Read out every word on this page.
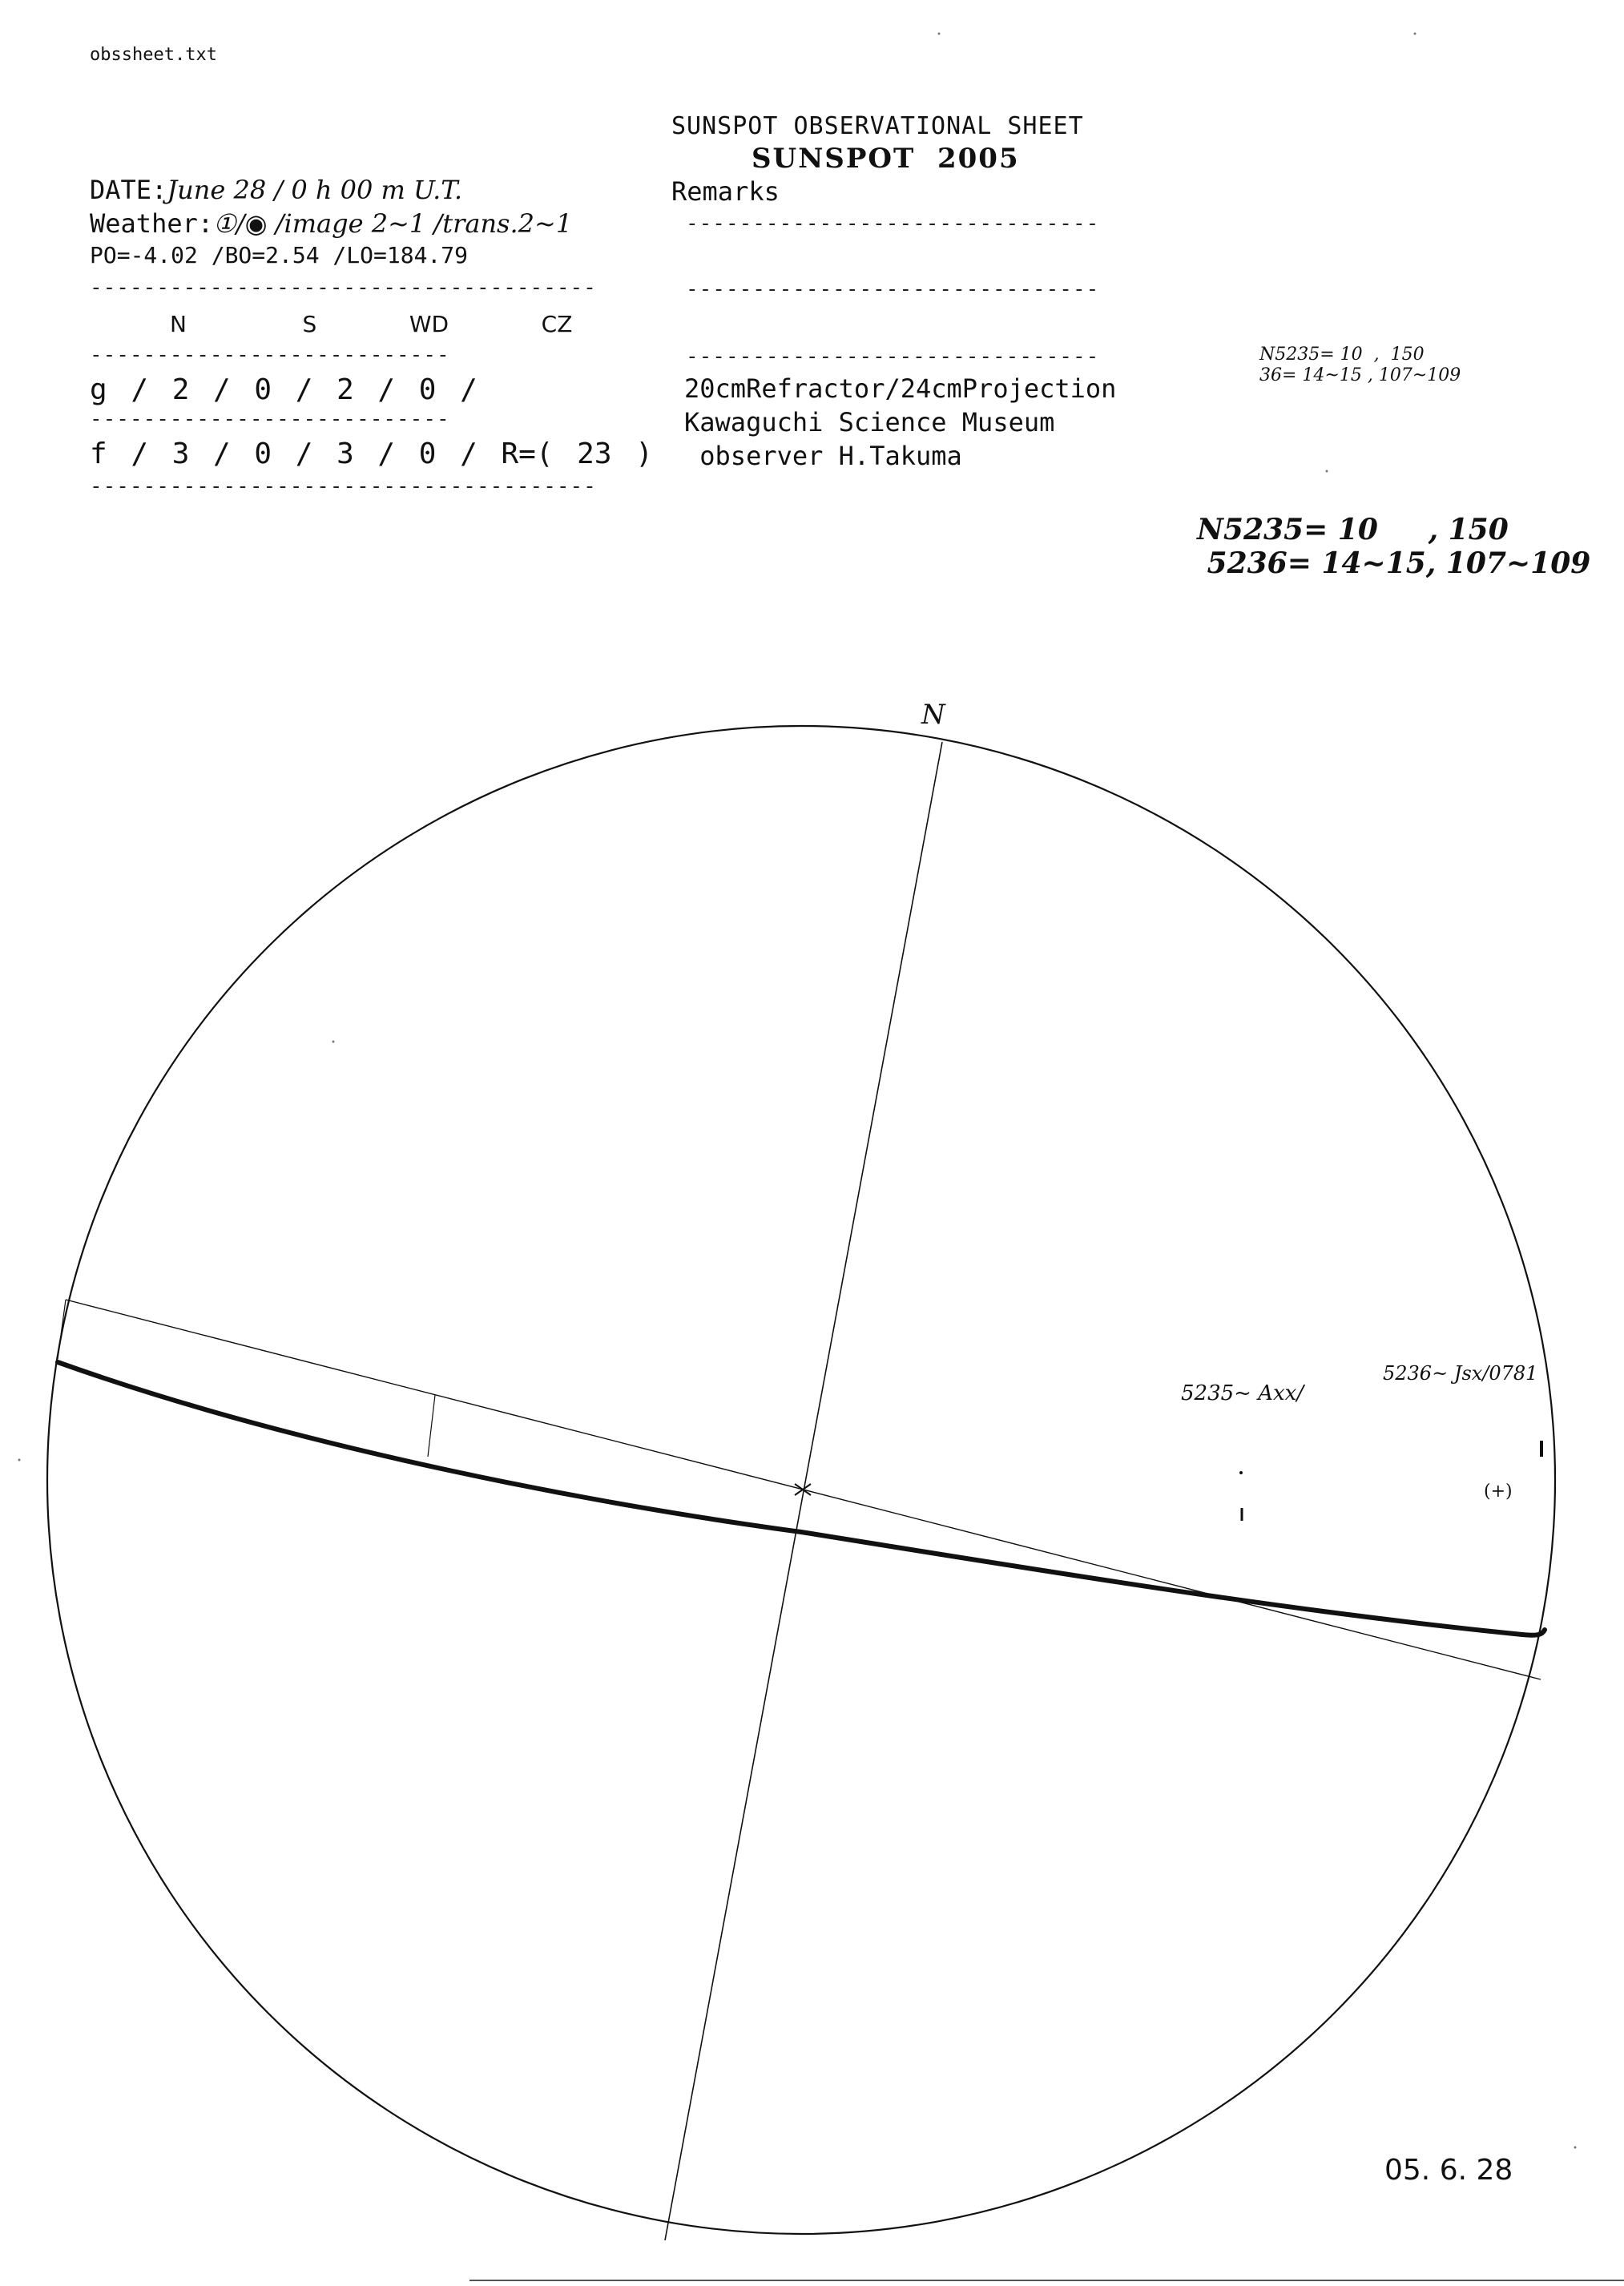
obssheet.txt
SUNSPOT OBSERVATIONAL SHEET
SUNSPOT  2005
DATE:June 28 / 0 h 00 m U.T.
Weather:①/◉ /image 2~1 /trans.2~1
PO=-4.02 /BO=2.54 /LO=184.79
--------------------------------------
N     S    WD    CZ
---------------------------
g / 2 / 0 / 2 / 0 /
---------------------------
f / 3 / 0 / 3 / 0 / R=( 23 )
--------------------------------------
Remarks
-------------------------------
-------------------------------
-------------------------------
20cmRefractor/24cmProjection
Kawaguchi Science Museum
observer H.Takuma
N5235= 10  ,  150
36= 14~15 , 107~109
N5235= 10     , 150
5236= 14~15, 107~109
(+)
N
5235~ Axx/
5236~ Jsx/0781
05. 6. 28
